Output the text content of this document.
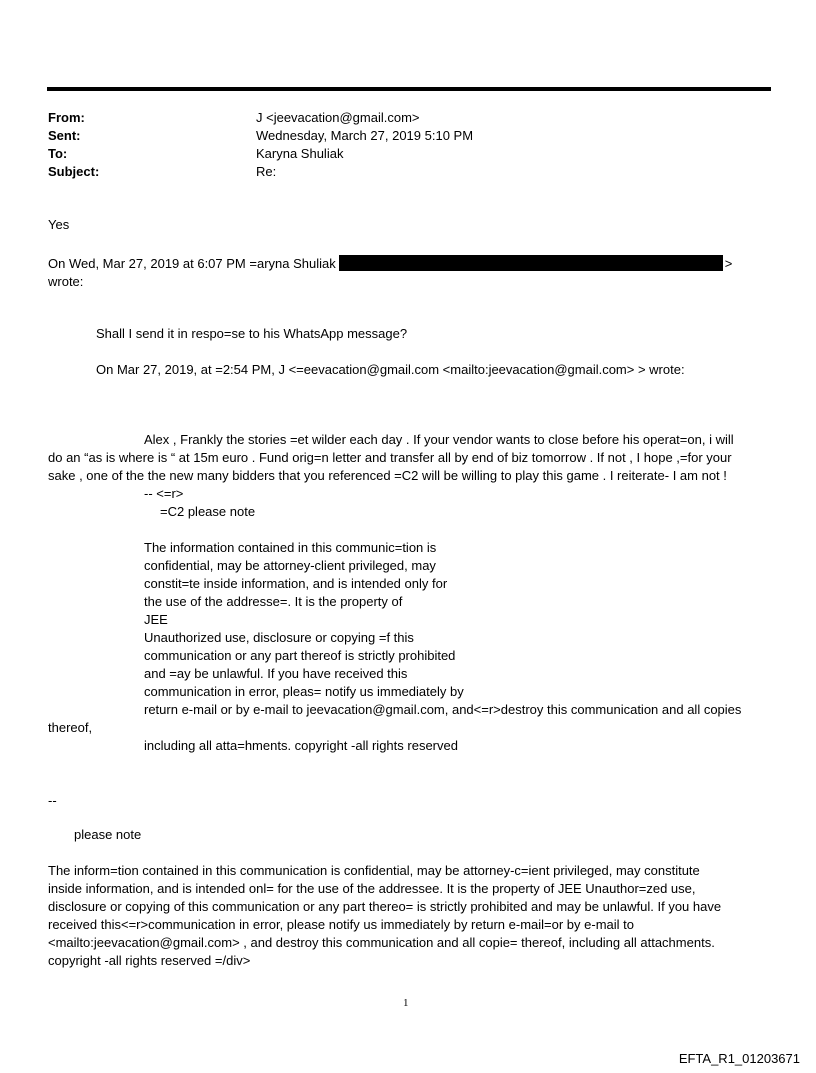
From:	J <jeevacation@gmail.com>
Sent:	Wednesday, March 27, 2019 5:10 PM
To:	Karyna Shuliak
Subject:	Re:
Yes
On Wed, Mar 27, 2019 at 6:07 PM =aryna Shuliak	>
wrote:
Shall I send it in respo=se to his WhatsApp message?
On Mar 27, 2019, at =2:54 PM, J <=eevacation@gmail.com <mailto:jeevacation@gmail.com> > wrote:
Alex , Frankly the stories =et wilder each day . If your vendor wants to close before his operat=on, i will
do an “as is where is “ at 15m euro . Fund orig=n letter and transfer all by end of biz tomorrow . If not , I hope ,=for your
sake , one of the the new many bidders that you referenced =C2 will be willing to play this game . I reiterate- I am not !
-- <=r>
=C2 please note
The information contained in this communic=tion is
confidential, may be attorney-client privileged, may
constit=te inside information, and is intended only for
the use of the addresse=. It is the property of
JEE
Unauthorized use, disclosure or copying =f this
communication or any part thereof is strictly prohibited
and =ay be unlawful. If you have received this
communication in error, pleas= notify us immediately by
return e-mail or by e-mail to jeevacation@gmail.com, and<=r>destroy this communication and all copies
thereof,
including all atta=hments. copyright -all rights reserved
--
please note
The inform=tion contained in this communication is confidential, may be attorney-c=ient privileged, may constitute
inside information, and is intended onl= for the use of the addressee. It is the property of JEE Unauthor=zed use,
disclosure or copying of this communication or any part thereo= is strictly prohibited and may be unlawful. If you have
received this<=r>communication in error, please notify us immediately by return e-mail=or by e-mail to
<mailto:jeevacation@gmail.com> , and destroy this communication and all copie= thereof, including all attachments.
copyright -all rights reserved =/div>
1
EFTA_R1_01203671
